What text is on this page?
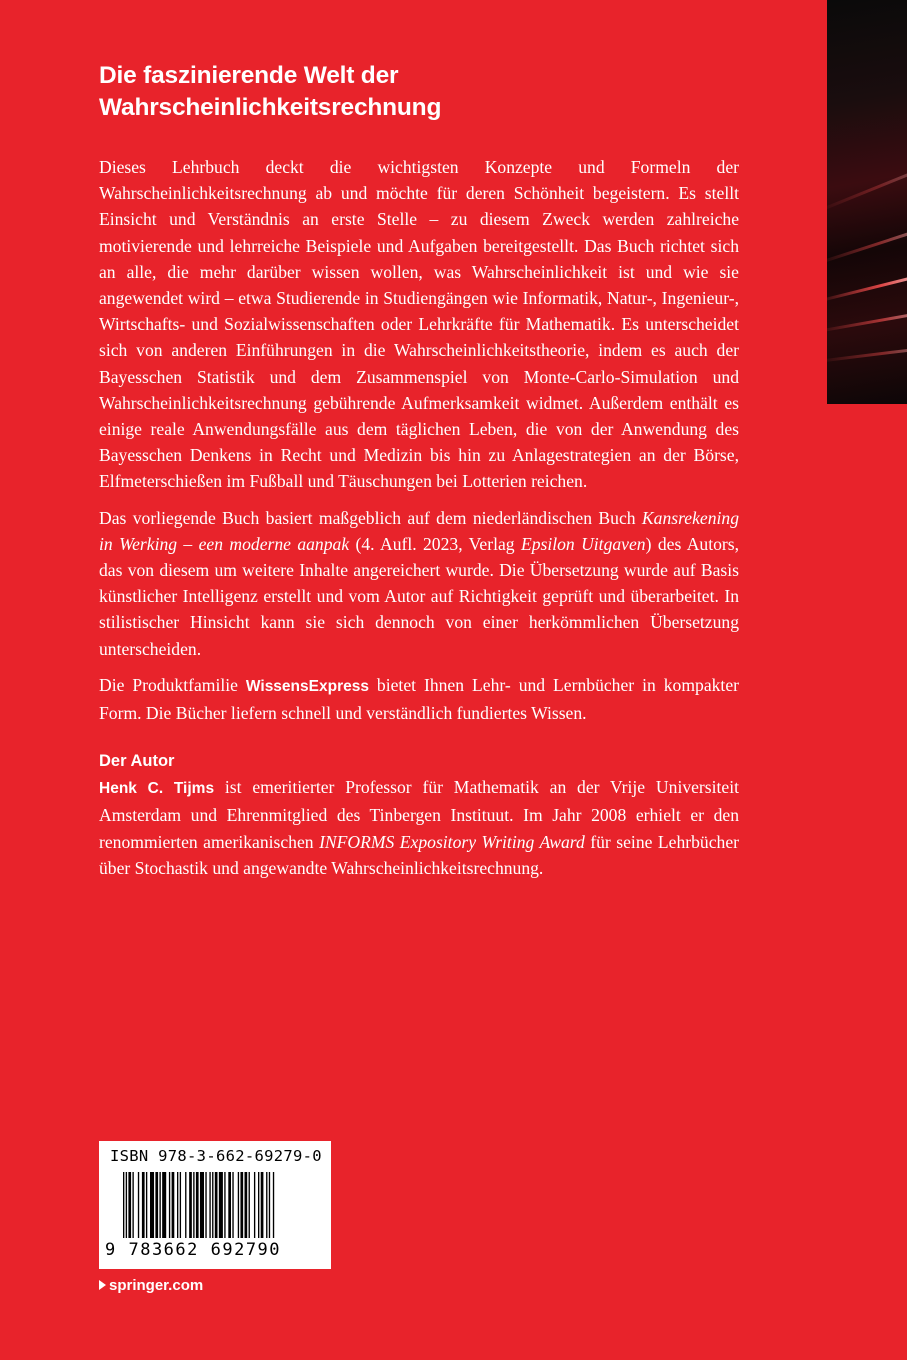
Die faszinierende Welt der Wahrscheinlichkeitsrechnung

Dieses Lehrbuch deckt die wichtigsten Konzepte und Formeln der Wahrscheinlichkeitsrechnung ab und möchte für deren Schönheit begeistern. Es stellt Einsicht und Verständnis an erste Stelle – zu diesem Zweck werden zahlreiche motivierende und lehrreiche Beispiele und Aufgaben bereitgestellt. Das Buch richtet sich an alle, die mehr darüber wissen wollen, was Wahrscheinlichkeit ist und wie sie angewendet wird – etwa Studierende in Studiengängen wie Informatik, Natur-, Ingenieur-, Wirtschafts- und Sozialwissenschaften oder Lehrkräfte für Mathematik. Es unterscheidet sich von anderen Einführungen in die Wahrscheinlichkeitstheorie, indem es auch der Bayesschen Statistik und dem Zusammenspiel von Monte-Carlo-Simulation und Wahrscheinlichkeitsrechnung gebührende Aufmerksamkeit widmet. Außerdem enthält es einige reale Anwendungsfälle aus dem täglichen Leben, die von der Anwendung des Bayesschen Denkens in Recht und Medizin bis hin zu Anlagestrategien an der Börse, Elfmeterschießen im Fußball und Täuschungen bei Lotterien reichen.

Das vorliegende Buch basiert maßgeblich auf dem niederländischen Buch Kansrekening in Werking – een moderne aanpak (4. Aufl. 2023, Verlag Epsilon Uitgaven) des Autors, das von diesem um weitere Inhalte angereichert wurde. Die Übersetzung wurde auf Basis künstlicher Intelligenz erstellt und vom Autor auf Richtigkeit geprüft und überarbeitet. In stilistischer Hinsicht kann sie sich dennoch von einer herkömmlichen Übersetzung unterscheiden.

Die Produktfamilie WissensExpress bietet Ihnen Lehr- und Lernbücher in kompakter Form. Die Bücher liefern schnell und verständlich fundiertes Wissen.

Der Autor

Henk C. Tijms ist emeritierter Professor für Mathematik an der Vrije Universiteit Amsterdam und Ehrenmitglied des Tinbergen Instituut. Im Jahr 2008 erhielt er den renommierten amerikanischen INFORMS Expository Writing Award für seine Lehrbücher über Stochastik und angewandte Wahrscheinlichkeitsrechnung.

ISBN 978-3-662-69279-0
9 783662 692790
springer.com
